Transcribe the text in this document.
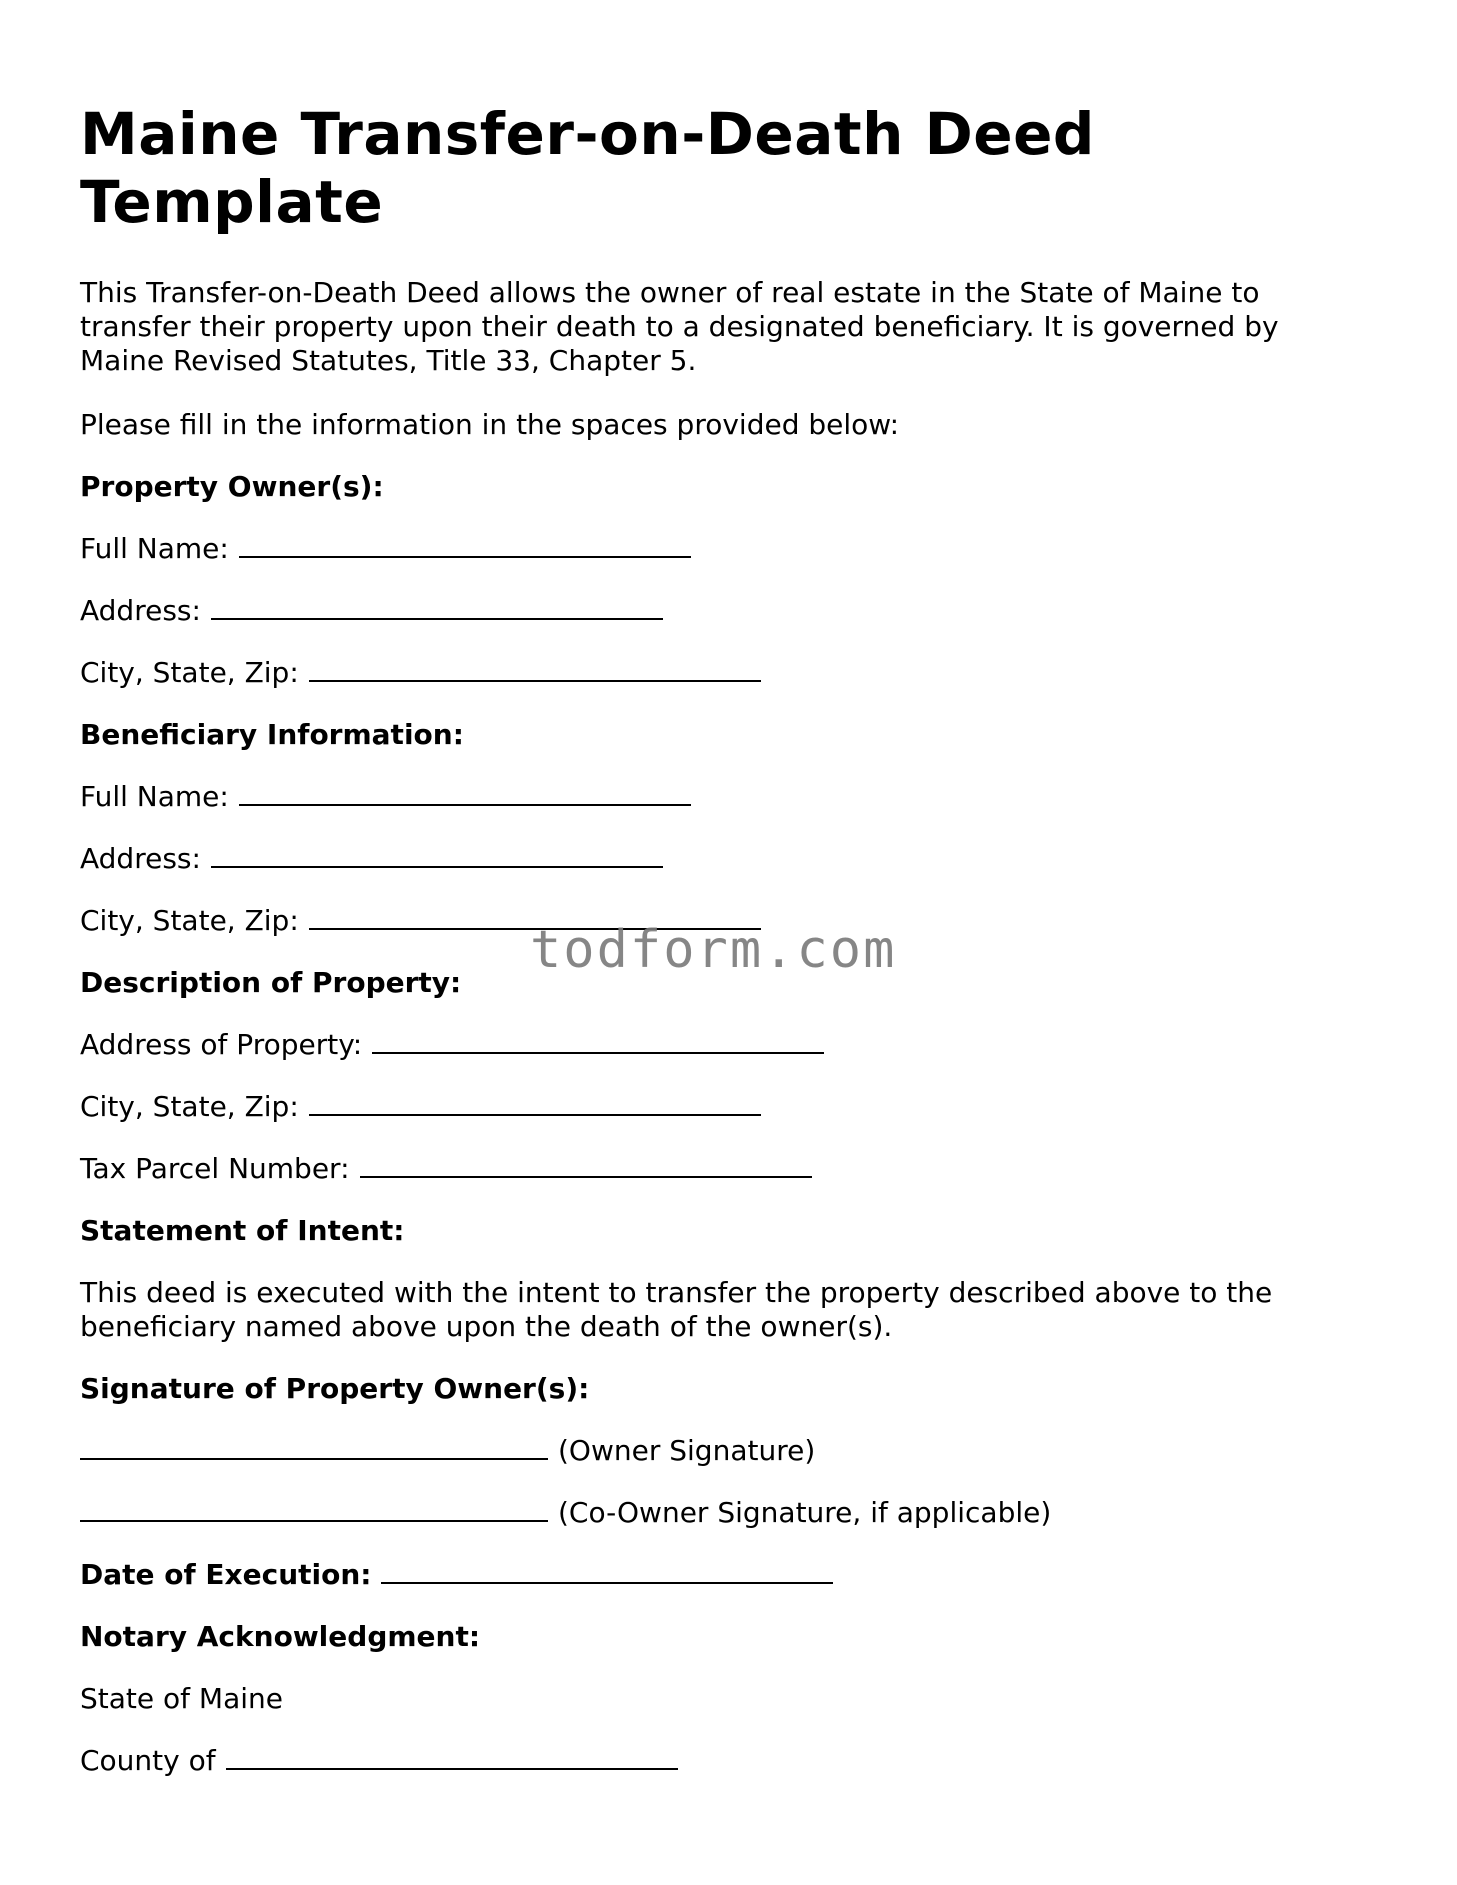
Maine Transfer-on-Death Deed Template

This Transfer-on-Death Deed allows the owner of real estate in the State of Maine to transfer their property upon their death to a designated beneficiary. It is governed by Maine Revised Statutes, Title 33, Chapter 5.

Please fill in the information in the spaces provided below:
Property Owner(s):
Full Name:
Address:
City, State, Zip:
Beneficiary Information:
Full Name:
Address:
City, State, Zip:
Description of Property:
Address of Property:
City, State, Zip:
Tax Parcel Number:
Statement of Intent:

This deed is executed with the intent to transfer the property described above to the beneficiary named above upon the death of the owner(s).

Signature of Property Owner(s):
(Owner Signature)
(Co-Owner Signature, if applicable)
Date of Execution:
Notary Acknowledgment:
State of Maine
County of
todform.com
